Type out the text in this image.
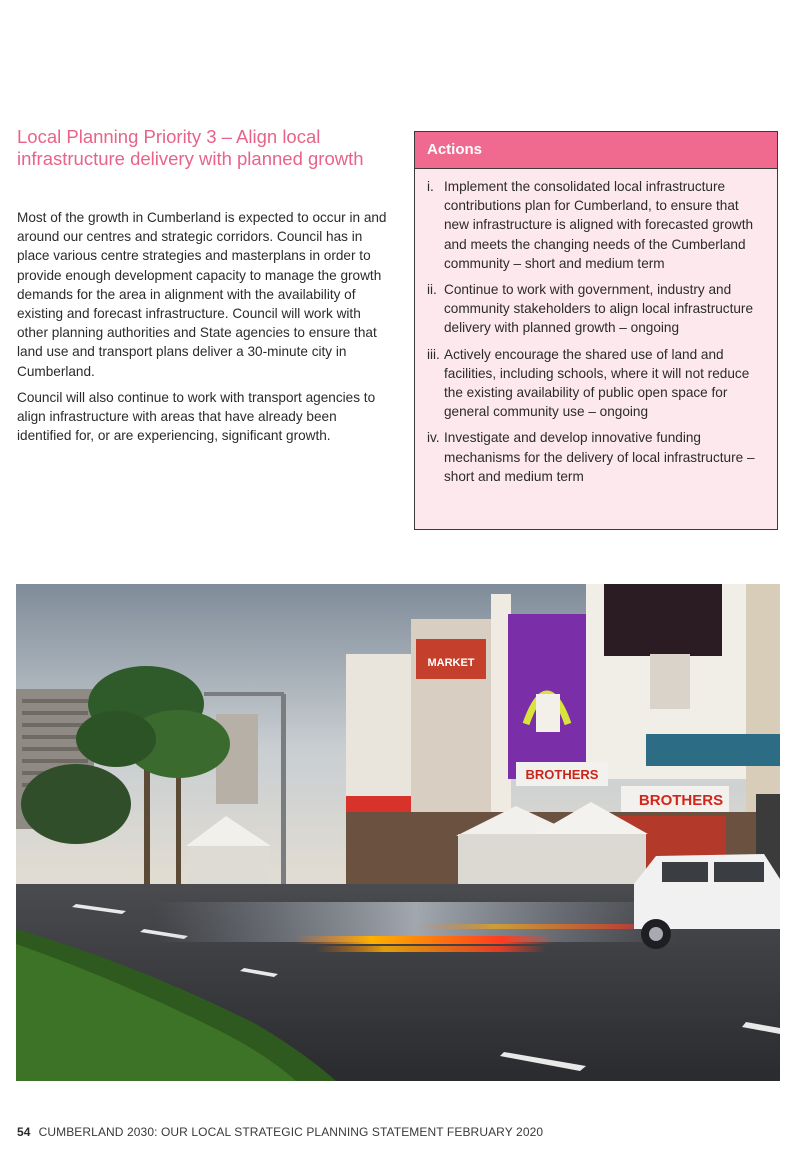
Local Planning Priority 3 – Align local infrastructure delivery with planned growth

Most of the growth in Cumberland is expected to occur in and around our centres and strategic corridors. Council has in place various centre strategies and masterplans in order to provide enough development capacity to manage the growth demands for the area in alignment with the availability of existing and forecast infrastructure. Council will work with other planning authorities and State agencies to ensure that land use and transport plans deliver a 30-minute city in Cumberland.

Council will also continue to work with transport agencies to align infrastructure with areas that have already been identified for, or are experiencing, significant growth.

Actions
i. Implement the consolidated local infrastructure contributions plan for Cumberland, to ensure that new infrastructure is aligned with forecasted growth and meets the changing needs of the Cumberland community – short and medium term
ii. Continue to work with government, industry and community stakeholders to align local infrastructure delivery with planned growth – ongoing
iii. Actively encourage the shared use of land and facilities, including schools, where it will not reduce the existing availability of public open space for general community use – ongoing
iv. Investigate and develop innovative funding mechanisms for the delivery of local infrastructure – short and medium term
MARKET
BROTHERS
BROTHERS
54 CUMBERLAND 2030: OUR LOCAL STRATEGIC PLANNING STATEMENT FEBRUARY 2020
